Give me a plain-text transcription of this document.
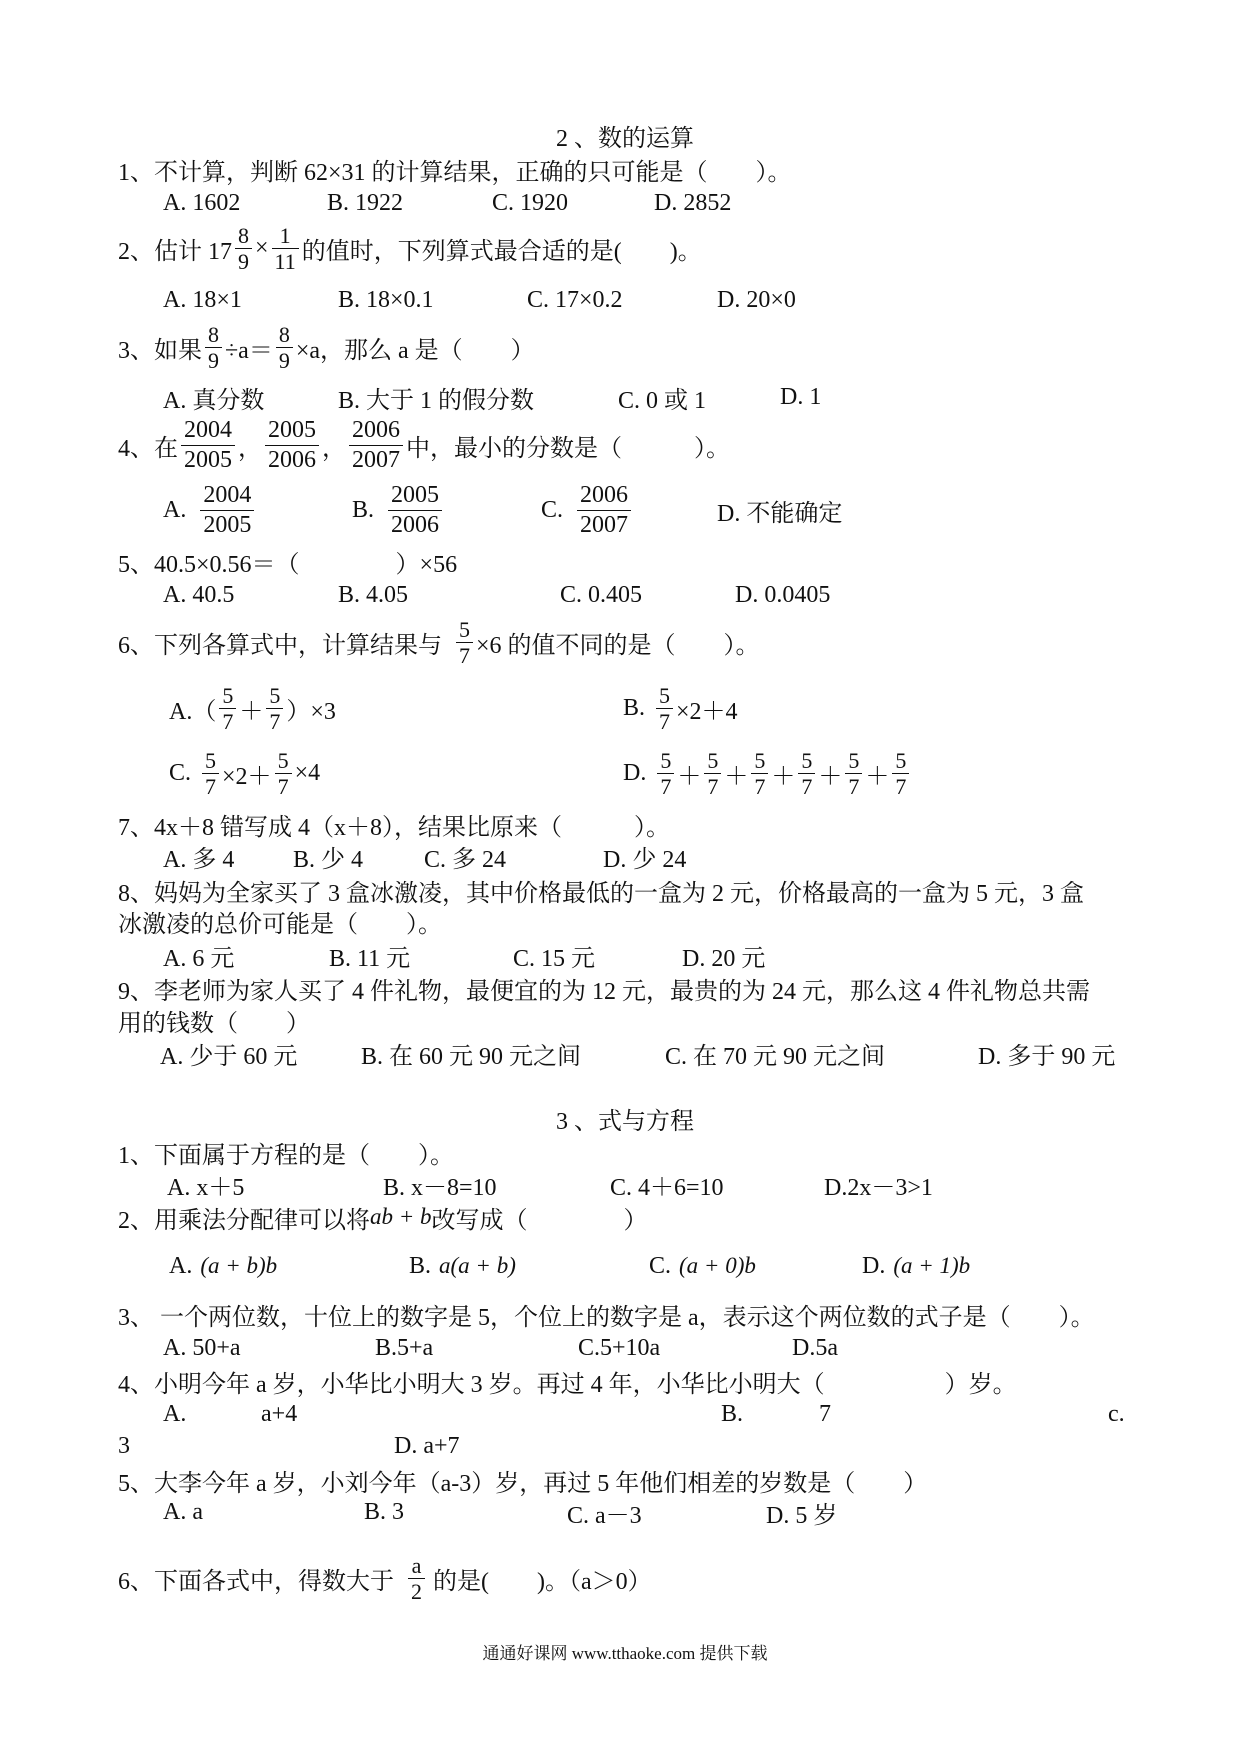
2 、数的运算
1、不计算，判断 62×31 的计算结果，正确的只可能是（　　）。
A. 1602	B. 1922	C. 1920	D. 2852
2、估计 $17 \frac{8}{9} \times \frac{1}{11}$ 的值时，下列算式最合适的是(　　)。
A. 18×1	B. 18×0.1	C. 17×0.2	D. 20×0
3、如果 $\frac{8}{9} \div a= \frac{8}{9} \times a$，那么 a 是（　　）
A. 真分数	B. 大于 1 的假分数	C. 0 或 1	D. 1
4、在 $\frac{2004}{2005}$ ， $\frac{2005}{2006}$ ， $\frac{2006}{2007}$ 中，最小的分数是（　　　）。
A. $\frac{2004}{2005}$	B. $\frac{2005}{2006}$	C. $\frac{2006}{2007}$	D. 不能确定
5、40.5×0.56＝（　　　　）×56
A. 40.5	B. 4.05	C. 0.405	D. 0.0405
6、下列各算式中，计算结果与 $\frac{5}{7} \times 6$ 的值不同的是（　　）。
$A.( \frac{5}{7} + \frac{5}{7} )\times 3$	B. $\frac{5}{7} \times 2+4$
C. $\frac{5}{7} \times 2+ \frac{5}{7} \times 4$	D. $\frac{5}{7} + \frac{5}{7} + \frac{5}{7} + \frac{5}{7} + \frac{5}{7} + \frac{5}{7}$
7、4x＋8 错写成 4（x＋8），结果比原来（　　　）。
A. 多 4 B. 少 4	C. 多 24	D. 少 24
8、妈妈为全家买了 3 盒冰激凌，其中价格最低的一盒为 2 元，价格最高的一盒为 5 元，3 盒
冰激凌的总价可能是（　　）。
A. 6 元	B. 11 元	C. 15 元	D. 20 元
9、李老师为家人买了 4 件礼物，最便宜的为 12 元，最贵的为 24 元，那么这 4 件礼物总共需
用的钱数（　　）
A. 少于 60 元	B. 在 60 元 90 元之间	C. 在 70 元 90 元之间	D. 多于 90 元
3 、式与方程
1、下面属于方程的是（　　）。
A. x＋5	B. x－8=10	C. 4＋6=10	D.2x－3>1
2、用乘法分配律可以将 ab + b 改写成（　　　　）
A. (a + b)b	B. a(a + b)	C. (a + 0)b	D. (a + 1)b
3、 一个两位数，十位上的数字是 5，个位上的数字是 a，表示这个两位数的式子是（　　）。
A. 50+a	B.5+a	C.5+10a	D.5a
4、小明今年 a 岁，小华比小明大 3 岁。再过 4 年，小华比小明大（　　　　　）岁。
A.	a+4	B.	7	c.
3	D. a+7
5、大李今年 a 岁，小刘今年（a-3）岁，再过 5 年他们相差的岁数是（　　）
A. a	B. 3	C. a－3	D. 5 岁
6、下面各式中，得数大于 $\frac{a}{2}$ 的是(　　)。（a＞0）
通通好课网 www.tthaoke.com 提供下载
